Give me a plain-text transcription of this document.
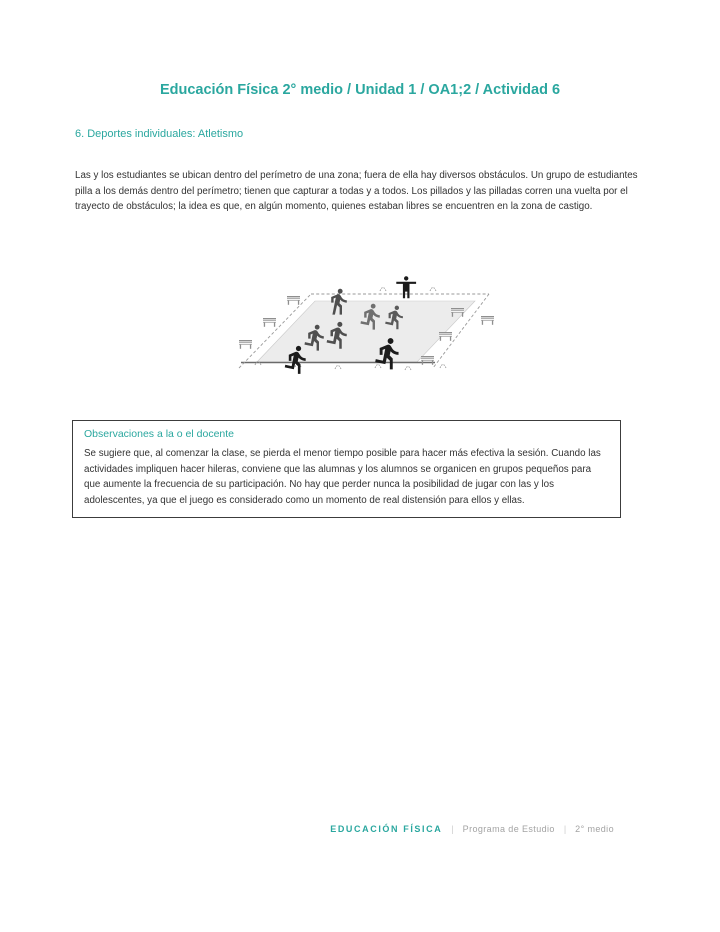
Educación Física 2° medio / Unidad 1 / OA1;2 / Actividad 6
6. Deportes individuales: Atletismo

Las y los estudiantes se ubican dentro del perímetro de una zona; fuera de ella hay diversos obstáculos. Un grupo de estudiantes pilla a los demás dentro del perímetro; tienen que capturar a todas y a todos. Los pillados y las pilladas corren una vuelta por el trayecto de obstáculos; la idea es que, en algún momento, quienes estaban libres se encuentren en la zona de castigo.

Observaciones a la o el docente

Se sugiere que, al comenzar la clase, se pierda el menor tiempo posible para hacer más efectiva la sesión. Cuando las actividades impliquen hacer hileras, conviene que las alumnas y los alumnos se organicen en grupos pequeños para que aumente la frecuencia de su participación. No hay que perder nunca la posibilidad de jugar con las y los adolescentes, ya que el juego es considerado como un momento de real distensión para ellos y ellas.

EDUCACIÓN FÍSICA | Programa de Estudio | 2° medio
